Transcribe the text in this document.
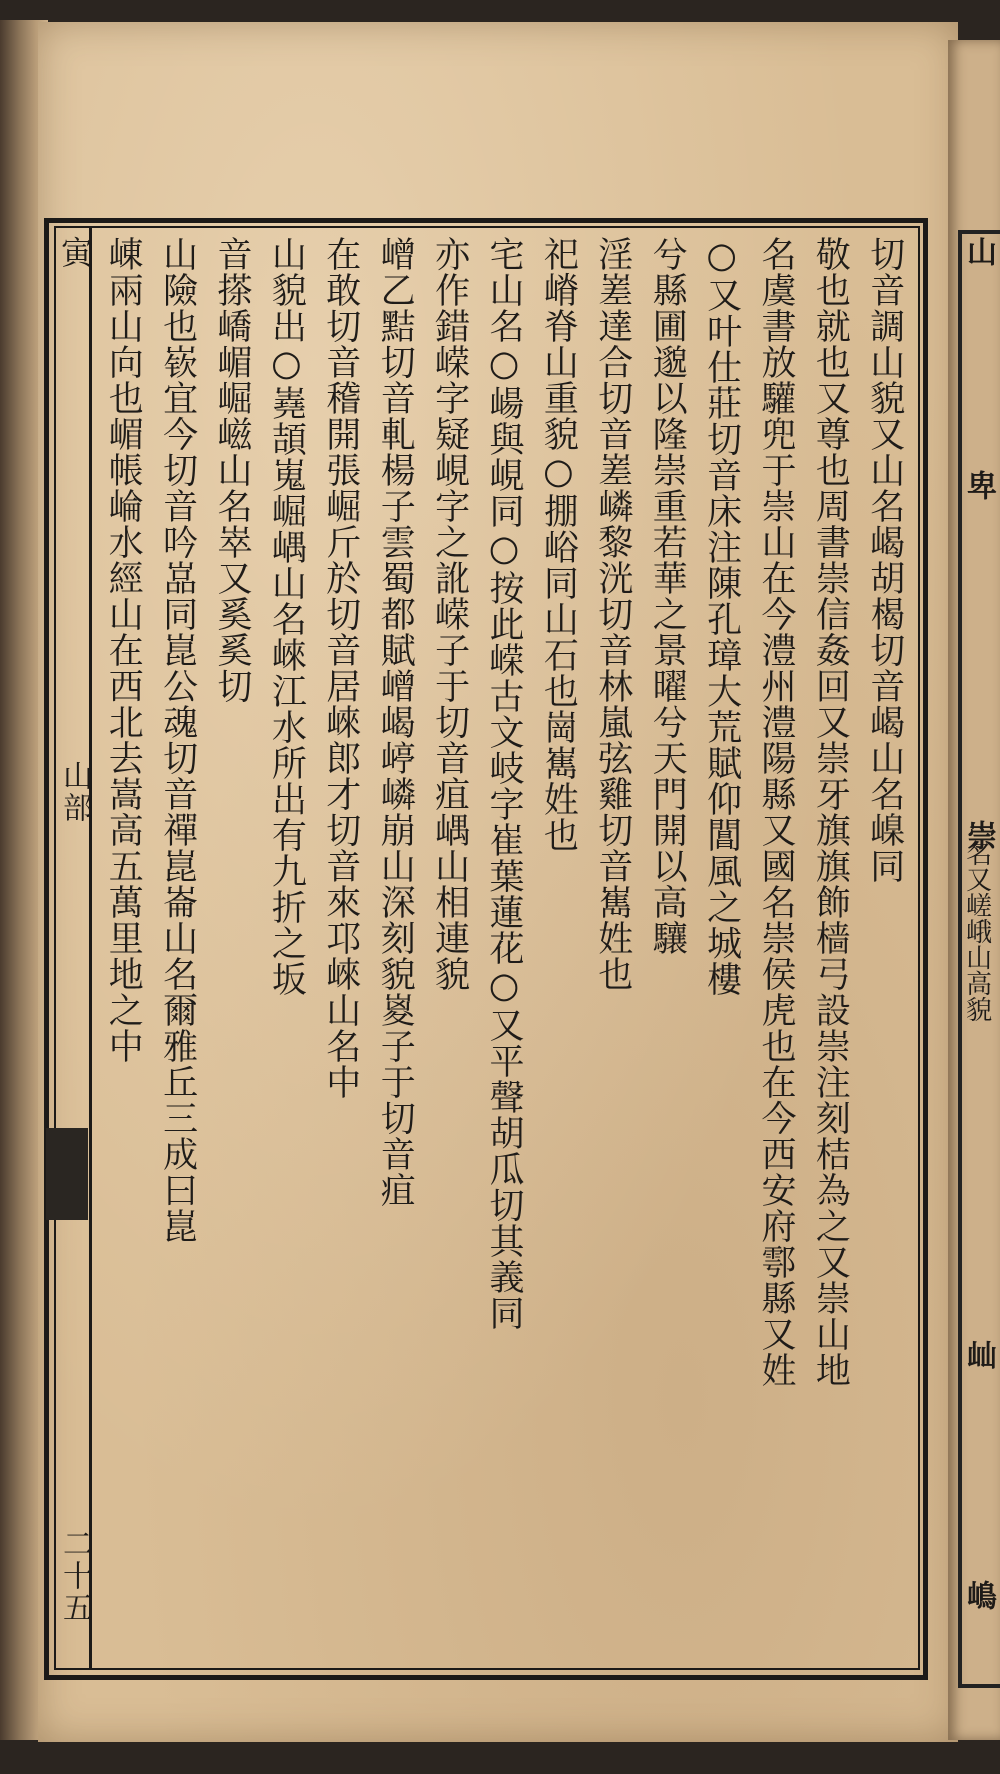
名又嵯峨山高貌
寅
山部
二十五
切音調山貌又山名嵑胡楬切音嵑山名嵲同
敬也就也又尊也周書崇信姦回又崇牙旗旗飾樯弓設崇注刻桔為之又崇山地
名虞書放驩兜于崇山在今澧州澧陽縣又國名崇侯虎也在今西安府鄠縣又姓
○又叶仕莊切音床注陳孔璋大荒賦仰閶風之城樓
兮縣圃邈以隆崇重若華之景曜兮天門開以高驤
淫嵳達合切音嵳嶙黎洸切音林嵐弦雞切音嶲姓也
祀嵴脊山重貌○掤峪同山石也崗嶲姓也
宅山名○崵與峴同○按此嵘古文岐字崔葉蓮花○又平聲胡瓜切其義同
亦作錯嵘字疑峴字之訛嵘子于切音疽嵎山相連貌
嶒乙黠切音軋楊子雲蜀都賦嶒嵑嵉嶙崩山深刻貌嵏子于切音疽
在敢切音稽開張崛斤於切音居崍郎才切音來邛崍山名中
山貌出○嶤頡嵬崛嵎山名崍江水所出有九折之坂
音搽嶠嵋崛嵫山名崒又奚奚切
山險也嵚宜今切音吟嵓同崑公魂切音禪崑崙山名爾雅丘三成曰崑
崠兩山向也嵋帳崘水經山在西北去嵩高五萬里地之中	山
卑
崇
屾
嶋
